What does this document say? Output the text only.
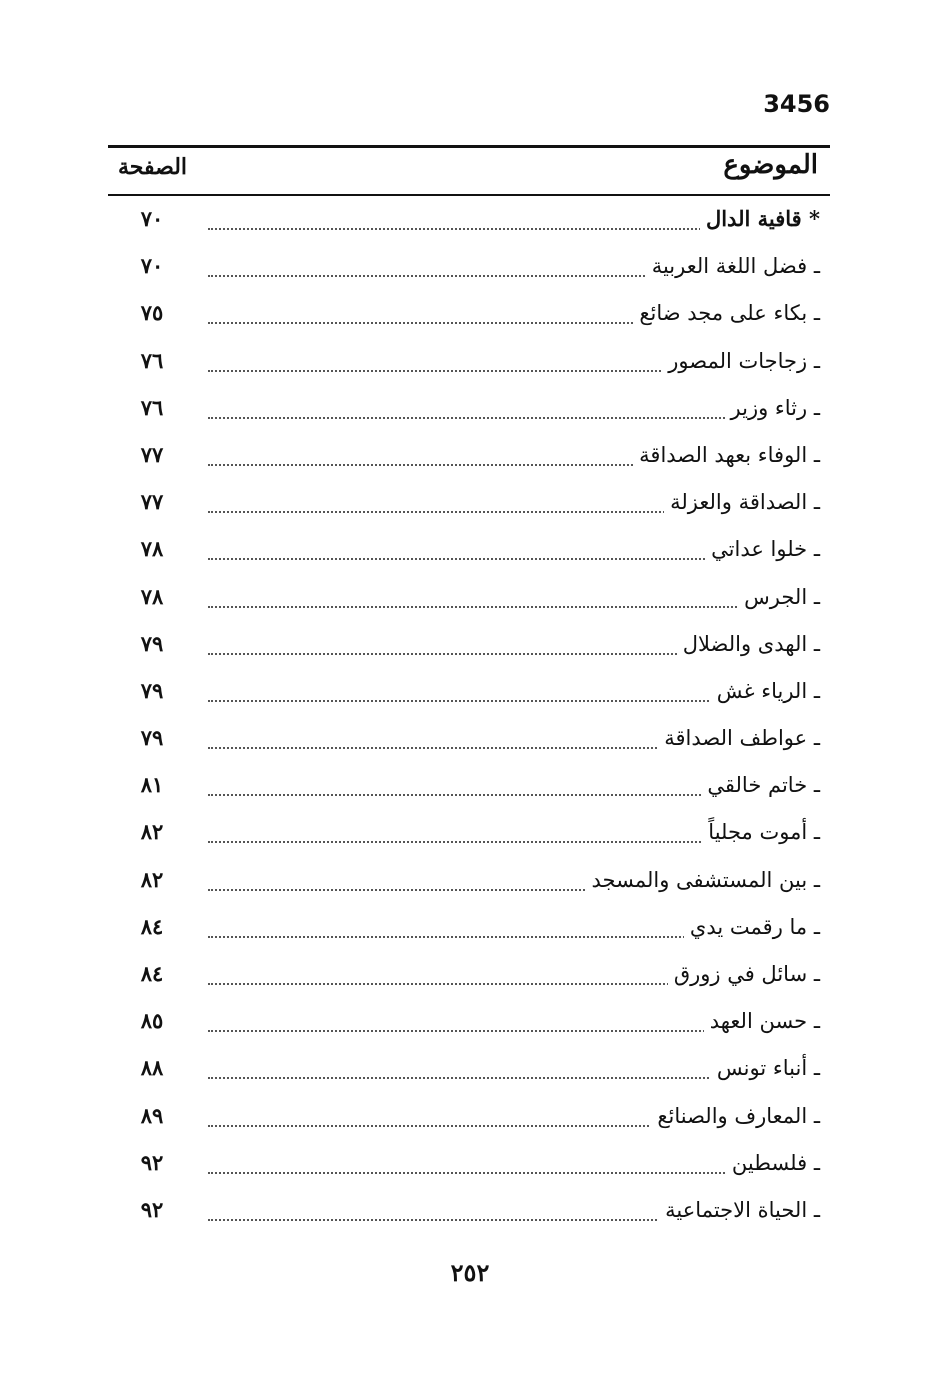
3456
الموضوع
الصفحة
* قافية الدال
٧٠
ـ فضل اللغة العربية
٧٠
ـ بكاء على مجد ضائع
٧٥
ـ زجاجات المصور
٧٦
ـ رثاء وزير
٧٦
ـ الوفاء بعهد الصداقة
٧٧
ـ الصداقة والعزلة
٧٧
ـ خلوا عداتي
٧٨
ـ الجرس
٧٨
ـ الهدى والضلال
٧٩
ـ الرياء غش
٧٩
ـ عواطف الصداقة
٧٩
ـ خاتم خالقي
٨١
ـ أموت مجلياً
٨٢
ـ بين المستشفى والمسجد
٨٢
ـ ما رقمت يدي
٨٤
ـ سائل في زورق
٨٤
ـ حسن العهد
٨٥
ـ أنباء تونس
٨٨
ـ المعارف والصنائع
٨٩
ـ فلسطين
٩٢
ـ الحياة الاجتماعية
٩٢
٢٥٢
